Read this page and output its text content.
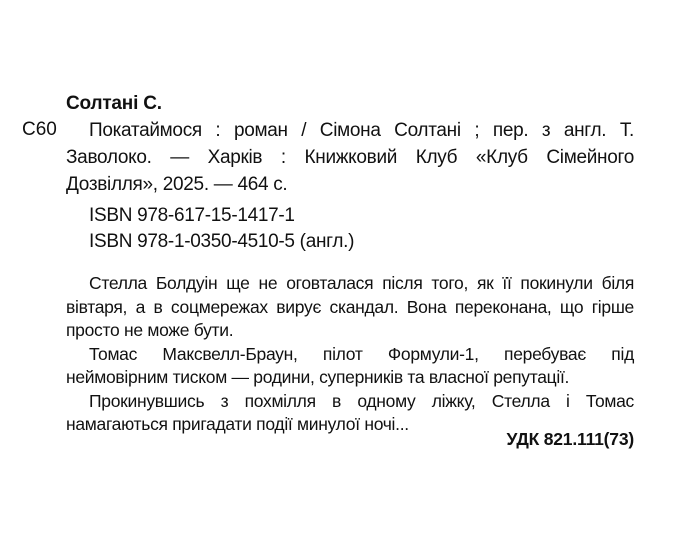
Солтані С.
С60	Покатаймося : роман / Сімона Солтані ; пер. з англ. Т. Заволоко. — Харків : Книжковий Клуб «Клуб Сімейного Дозвілля», 2025. — 464 с.
ISBN 978-617-15-1417-1
ISBN 978-1-0350-4510-5 (англ.)

Стелла Болдуін ще не оговталася після того, як її покинули біля вівтаря, а в соцмережах вирує скандал. Вона переконана, що гірше просто не може бути.

Томас Максвелл-Браун, пілот Формули-1, перебуває під неймовірним тиском — родини, суперників та власної репутації.

Прокинувшись з похмілля в одному ліжку, Стелла і Томас намагаються пригадати події минулої ночі...

УДК 821.111(73)
